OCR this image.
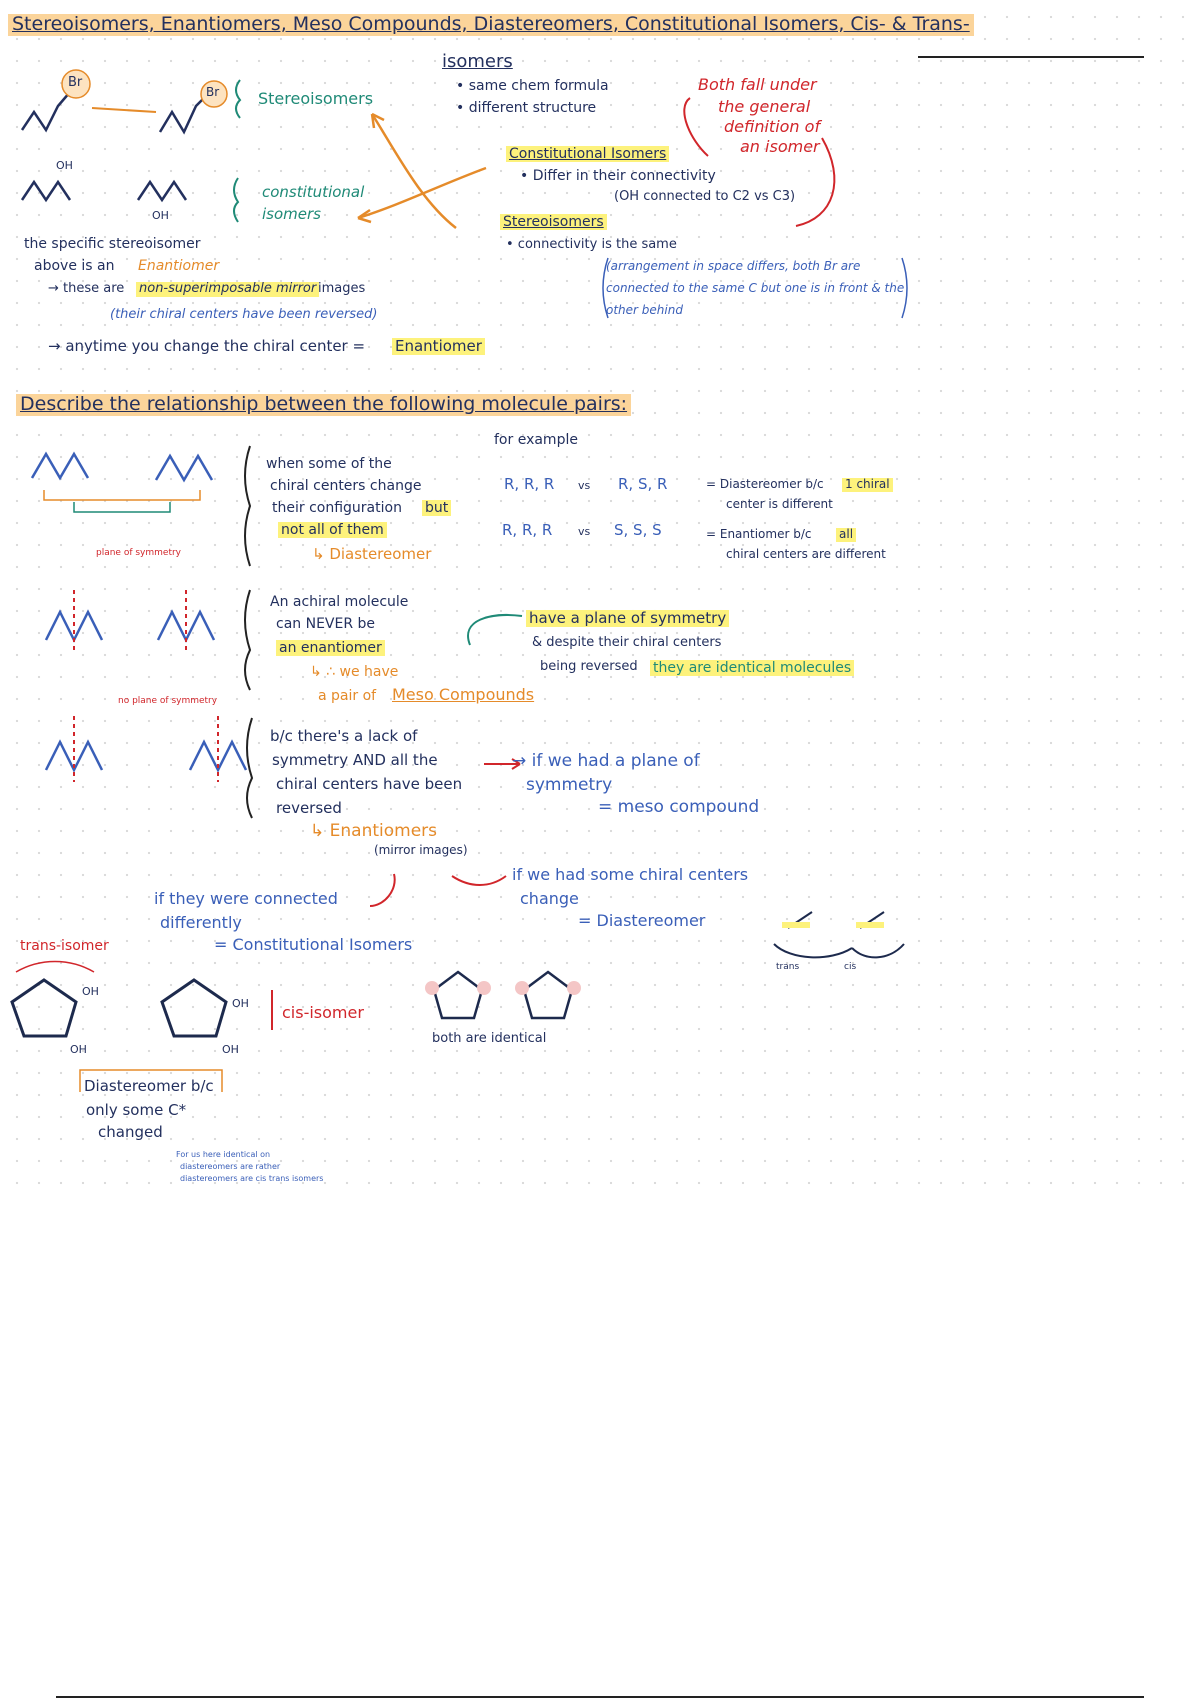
Stereoisomers, Enantiomers, Meso Compounds, Diastereomers, Constitutional Isomers, Cis- & Trans-
isomers
• same chem formula
• different structure
Both fall under
the general
definition of
an isomer
Br
Br Stereoisomers
OH
OH
constitutional
isomers
Constitutional Isomers
• Differ in their connectivity
(OH connected to C2 vs C3)
Stereoisomers
• connectivity is the same
(arrangement in space differs, both Br are
connected to the same C but one is in front & the
other behind
the specific stereoisomer
above is an Enantiomer
→ these are non-superimposable mirror images
(their chiral centers have been reversed)
→ anytime you change the chiral center = Enantiomer
Describe the relationship between the following molecule pairs:
for example
when some of the
chiral centers change
their configuration but
not all of them
↳ Diastereomer
R, R, R vs R, S, R	= Diastereomer b/c 1 chiral
center is different
R, R, R vs S, S, S	= Enantiomer b/c all
chiral centers are different
An achiral molecule
can NEVER be
an enantiomer
↳ ∴ we have
a pair of Meso Compounds
have a plane of symmetry
& despite their chiral centers
being reversed they are identical molecules
b/c there's a lack of
symmetry AND all the
chiral centers have been
reversed
↳ Enantiomers
(mirror images)
→ if we had a plane of
symmetry
= meso compound
if we had some chiral centers
change
= Diastereomer
if they were connected
differently
= Constitutional Isomers
trans-isomer
cis-isomer
OH
OH
OH
OH
Diastereomer b/c
only some C*
changed
both are identical
For us here identical on
diastereomers are rather
diastereomers are cis trans isomers
trans	cis
plane of symmetry
no plane of symmetry
